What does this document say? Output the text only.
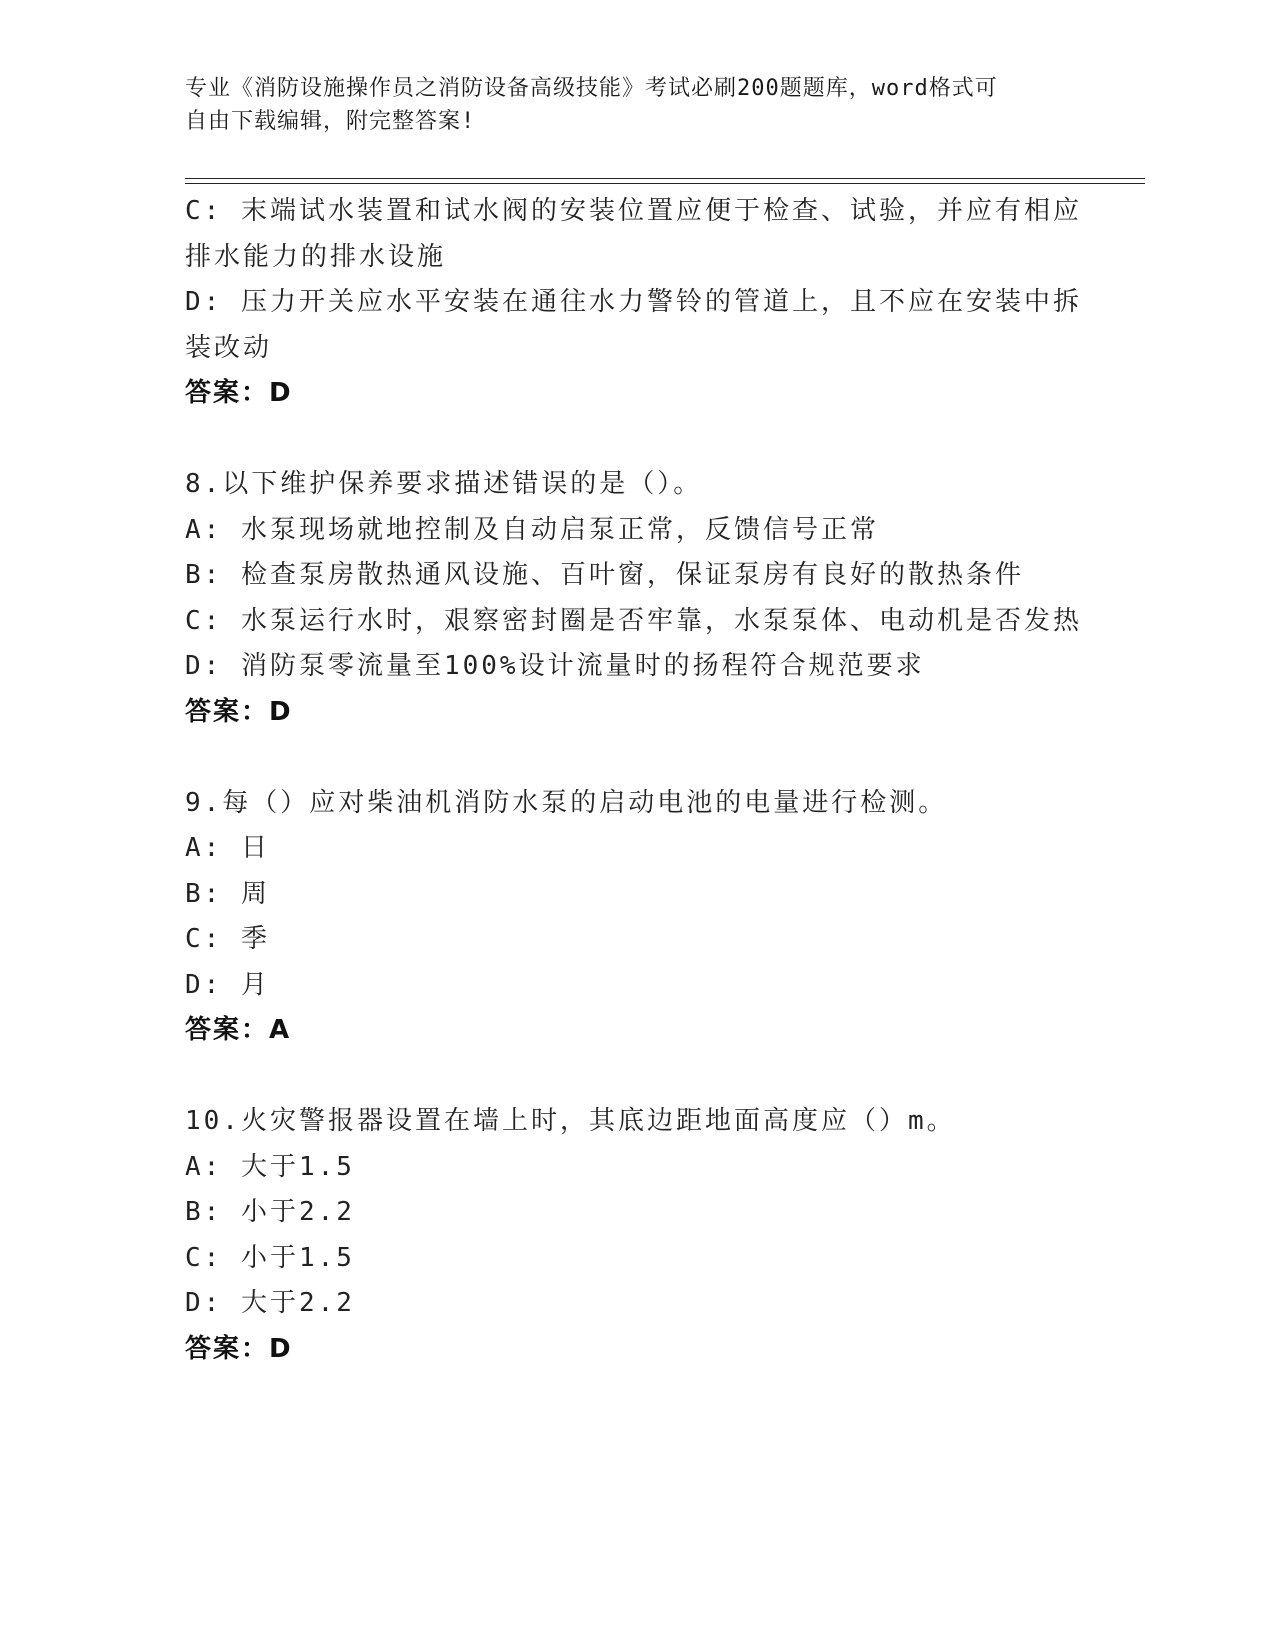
专业《消防设施操作员之消防设备高级技能》考试必刷200题题库，word格式可
自由下载编辑，附完整答案!
C: 末端试水装置和试水阀的安装位置应便于检查、试验，并应有相应
排水能力的排水设施
D: 压力开关应水平安装在通往水力警铃的管道上，且不应在安装中拆
装改动
答案：D
8.以下维护保养要求描述错误的是（）。
A: 水泵现场就地控制及自动启泵正常，反馈信号正常
B: 检查泵房散热通风设施、百叶窗，保证泵房有良好的散热条件
C: 水泵运行水时，艰察密封圈是否牢靠，水泵泵体、电动机是否发热
D: 消防泵零流量至100%设计流量时的扬程符合规范要求
答案：D
9.每（）应对柴油机消防水泵的启动电池的电量进行检测。
A: 日
B: 周
C: 季
D: 月
答案：A
10.火灾警报器设置在墙上时，其底边距地面高度应（）m。
A: 大于1.5
B: 小于2.2
C: 小于1.5
D: 大于2.2
答案：D
